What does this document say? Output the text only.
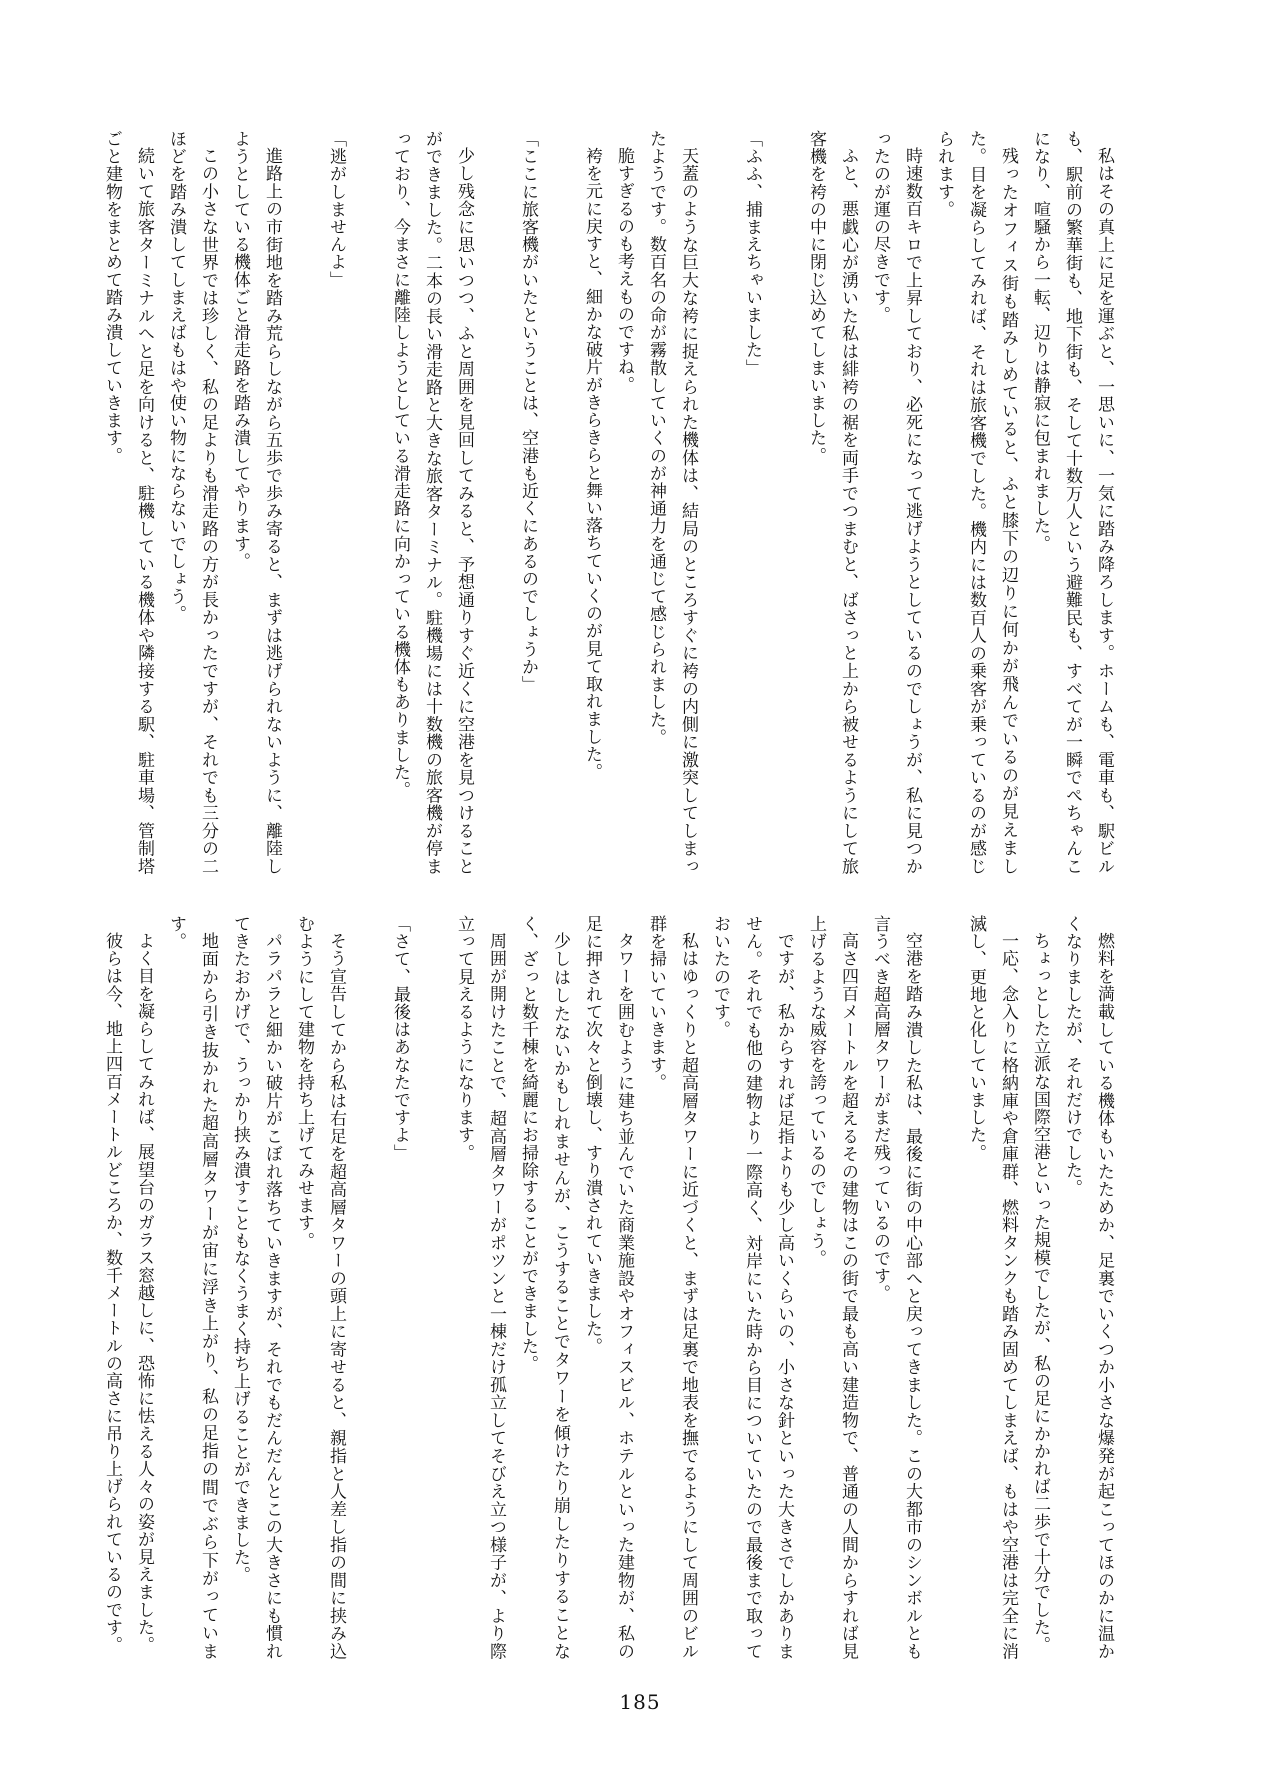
私はその真上に足を運ぶと、一思いに、一気に踏み降ろします。ホームも、電車も、駅ビルも、駅前の繁華街も、地下街も、そして十数万人という避難民も、すべてが一瞬でぺちゃんこになり、喧騒から一転、辺りは静寂に包まれました。

残ったオフィス街も踏みしめていると、ふと膝下の辺りに何かが飛んでいるのが見えました。目を凝らしてみれば、それは旅客機でした。機内には数百人の乗客が乗っているのが感じられます。

時速数百キロで上昇しており、必死になって逃げようとしているのでしょうが、私に見つかったのが運の尽きです。

ふと、悪戯心が湧いた私は緋袴の裾を両手でつまむと、ばさっと上から被せるようにして旅客機を袴の中に閉じ込めてしまいました。

「ふふ、捕まえちゃいました」

天蓋のような巨大な袴に捉えられた機体は、結局のところすぐに袴の内側に激突してしまったようです。数百名の命が霧散していくのが神通力を通じて感じられました。

脆すぎるのも考えものですね。

袴を元に戻すと、細かな破片がきらきらと舞い落ちていくのが見て取れました。

「ここに旅客機がいたということは、空港も近くにあるのでしょうか」

少し残念に思いつつ、ふと周囲を見回してみると、予想通りすぐ近くに空港を見つけることができました。二本の長い滑走路と大きな旅客ターミナル。駐機場には十数機の旅客機が停まっており、今まさに離陸しようとしている滑走路に向かっている機体もありました。

「逃がしませんよ」

進路上の市街地を踏み荒らしながら五歩で歩み寄ると、まずは逃げられないように、離陸しようとしている機体ごと滑走路を踏み潰してやります。

この小さな世界では珍しく、私の足よりも滑走路の方が長かったですが、それでも三分の二ほどを踏み潰してしまえばもはや使い物にならないでしょう。

続いて旅客ターミナルへと足を向けると、駐機している機体や隣接する駅、駐車場、管制塔ごと建物をまとめて踏み潰していきます。

燃料を満載している機体もいたためか、足裏でいくつか小さな爆発が起こってほのかに温かくなりましたが、それだけでした。

ちょっとした立派な国際空港といった規模でしたが、私の足にかかれば二歩で十分でした。

一応、念入りに格納庫や倉庫群、燃料タンクも踏み固めてしまえば、もはや空港は完全に消滅し、更地と化していました。

空港を踏み潰した私は、最後に街の中心部へと戻ってきました。この大都市のシンボルとも言うべき超高層タワーがまだ残っているのです。

高さ四百メートルを超えるその建物はこの街で最も高い建造物で、普通の人間からすれば見上げるような威容を誇っているのでしょう。

ですが、私からすれば足指よりも少し高いくらいの、小さな針といった大きさでしかありません。それでも他の建物より一際高く、対岸にいた時から目についていたので最後まで取っておいたのです。

私はゆっくりと超高層タワーに近づくと、まずは足裏で地表を撫でるようにして周囲のビル群を掃いていきます。

タワーを囲むように建ち並んでいた商業施設やオフィスビル、ホテルといった建物が、私の足に押されて次々と倒壊し、すり潰されていきました。

少しはしたないかもしれませんが、こうすることでタワーを傾けたり崩したりすることなく、ざっと数千棟を綺麗にお掃除することができました。

周囲が開けたことで、超高層タワーがポツンと一棟だけ孤立してそびえ立つ様子が、より際立って見えるようになります。

「さて、最後はあなたですよ」

そう宣告してから私は右足を超高層タワーの頭上に寄せると、親指と人差し指の間に挟み込むようにして建物を持ち上げてみせます。

パラパラと細かい破片がこぼれ落ちていきますが、それでもだんだんとこの大きさにも慣れてきたおかげで、うっかり挟み潰すこともなくうまく持ち上げることができました。

地面から引き抜かれた超高層タワーが宙に浮き上がり、私の足指の間でぶら下がっています。

よく目を凝らしてみれば、展望台のガラス窓越しに、恐怖に怯える人々の姿が見えました。

彼らは今、地上四百メートルどころか、数千メートルの高さに吊り上げられているのです。

185
